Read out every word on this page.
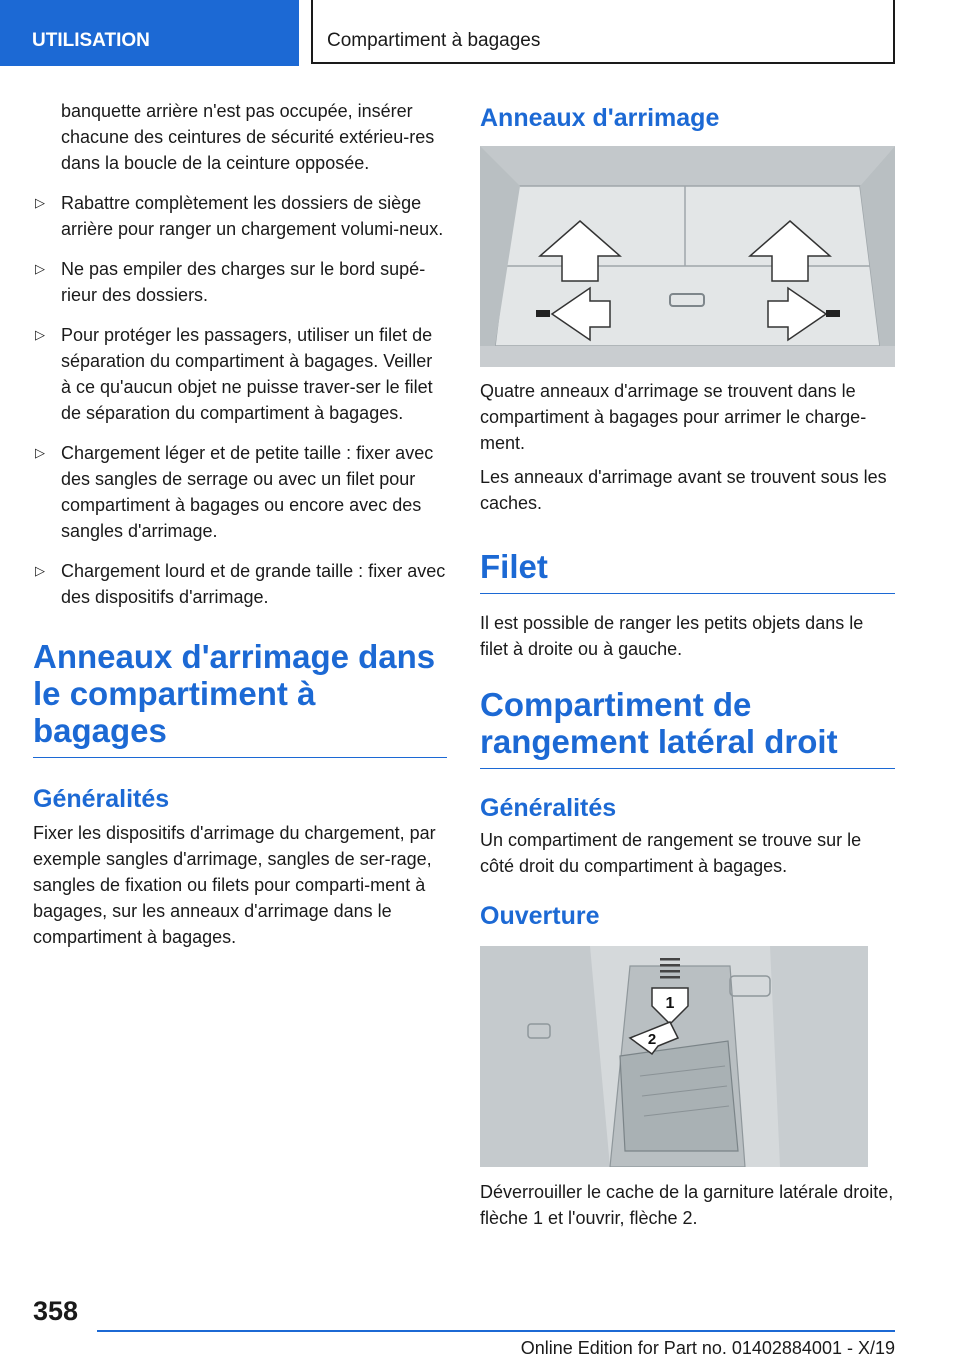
UTILISATION	Compartiment à bagages

banquette arrière n'est pas occupée, insérer chacune des ceintures de sécurité extérieu-res dans la boucle de la ceinture opposée.

▷ Rabattre complètement les dossiers de siège arrière pour ranger un chargement volumi-neux.
▷ Ne pas empiler des charges sur le bord supé-rieur des dossiers.
▷ Pour protéger les passagers, utiliser un filet de séparation du compartiment à bagages. Veiller à ce qu'aucun objet ne puisse traver-ser le filet de séparation du compartiment à bagages.
▷ Chargement léger et de petite taille : fixer avec des sangles de serrage ou avec un filet pour compartiment à bagages ou encore avec des sangles d'arrimage.
▷ Chargement lourd et de grande taille : fixer avec des dispositifs d'arrimage.
Anneaux d'arrimage dans le compartiment à bagages
Généralités

Fixer les dispositifs d'arrimage du chargement, par exemple sangles d'arrimage, sangles de ser-rage, sangles de fixation ou filets pour comparti-ment à bagages, sur les anneaux d'arrimage dans le compartiment à bagages.

Anneaux d'arrimage

Quatre anneaux d'arrimage se trouvent dans le compartiment à bagages pour arrimer le charge-ment.

Les anneaux d'arrimage avant se trouvent sous les caches.

Filet

Il est possible de ranger les petits objets dans le filet à droite ou à gauche.

Compartiment de rangement latéral droit
Généralités

Un compartiment de rangement se trouve sur le côté droit du compartiment à bagages.

Ouverture
1
2

Déverrouiller le cache de la garniture latérale droite, flèche 1 et l'ouvrir, flèche 2.

358
Online Edition for Part no. 01402884001 - X/19
